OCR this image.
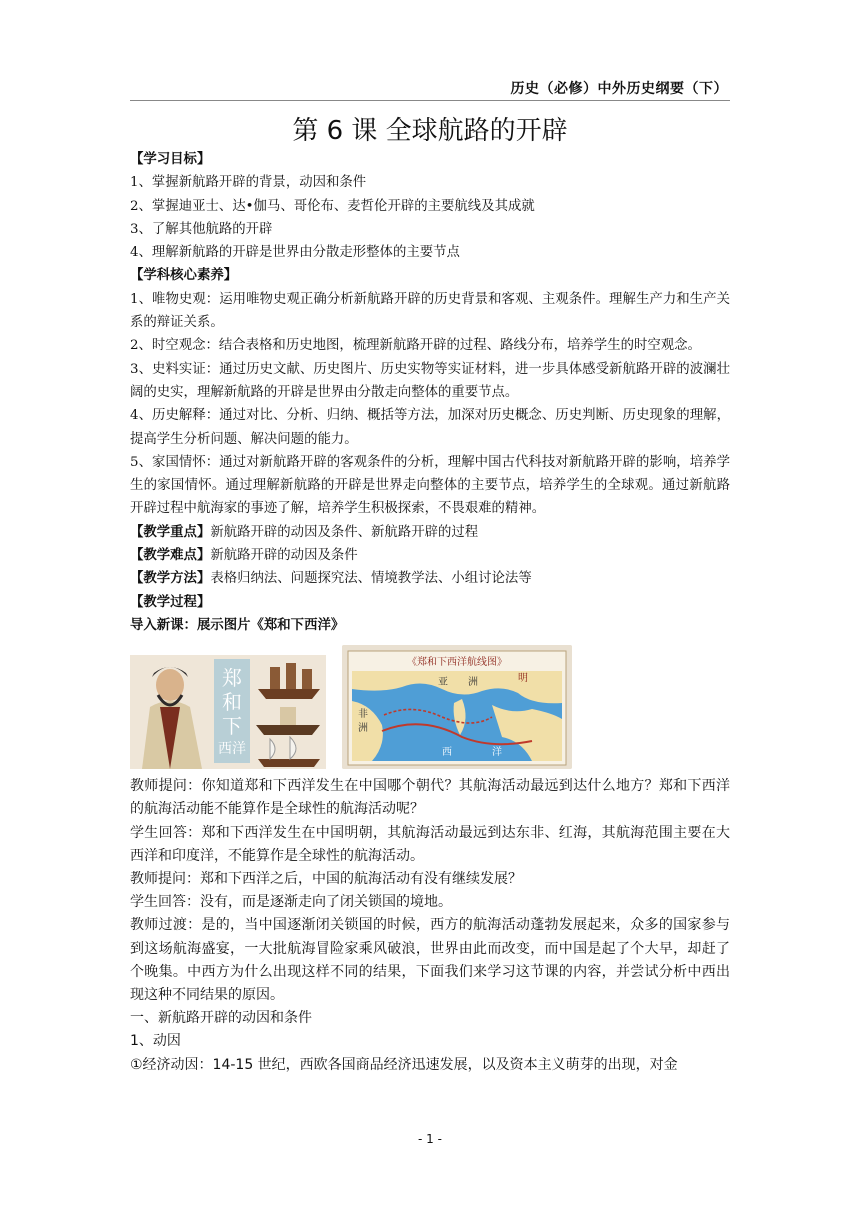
历史（必修）中外历史纲要（下）
第 6 课 全球航路的开辟

【学习目标】

1、掌握新航路开辟的背景，动因和条件

2、掌握迪亚士、达•伽马、哥伦布、麦哲伦开辟的主要航线及其成就

3、了解其他航路的开辟

4、理解新航路的开辟是世界由分散走形整体的主要节点

【学科核心素养】

1、唯物史观：运用唯物史观正确分析新航路开辟的历史背景和客观、主观条件。理解生产力和生产关系的辩证关系。

2、时空观念：结合表格和历史地图，梳理新航路开辟的过程、路线分布，培养学生的时空观念。

3、史料实证：通过历史文献、历史图片、历史实物等实证材料，进一步具体感受新航路开辟的波澜壮阔的史实，理解新航路的开辟是世界由分散走向整体的重要节点。

4、历史解释：通过对比、分析、归纳、概括等方法，加深对历史概念、历史判断、历史现象的理解，提高学生分析问题、解决问题的能力。

5、家国情怀：通过对新航路开辟的客观条件的分析，理解中国古代科技对新航路开辟的影响，培养学生的家国情怀。通过理解新航路的开辟是世界走向整体的主要节点，培养学生的全球观。通过新航路开辟过程中航海家的事迹了解，培养学生积极探索，不畏艰难的精神。

【教学重点】新航路开辟的动因及条件、新航路开辟的过程

【教学难点】新航路开辟的动因及条件

【教学方法】表格归纳法、问题探究法、情境教学法、小组讨论法等

【教学过程】

导入新课：展示图片《郑和下西洋》

郑
和
下
西洋
《郑和下西洋航线图》
亚 洲	明
非
洲
西	洋

教师提问：你知道郑和下西洋发生在中国哪个朝代？其航海活动最远到达什么地方？郑和下西洋的航海活动能不能算作是全球性的航海活动呢？

学生回答：郑和下西洋发生在中国明朝，其航海活动最远到达东非、红海，其航海范围主要在大西洋和印度洋，不能算作是全球性的航海活动。

教师提问：郑和下西洋之后，中国的航海活动有没有继续发展？

学生回答：没有，而是逐渐走向了闭关锁国的境地。

教师过渡：是的，当中国逐渐闭关锁国的时候，西方的航海活动蓬勃发展起来，众多的国家参与到这场航海盛宴，一大批航海冒险家乘风破浪，世界由此而改变，而中国是起了个大早，却赶了个晚集。中西方为什么出现这样不同的结果，下面我们来学习这节课的内容，并尝试分析中西出现这种不同结果的原因。

一、新航路开辟的动因和条件

1、动因

①经济动因：14-15 世纪，西欧各国商品经济迅速发展，以及资本主义萌芽的出现，对金

- 1 -
